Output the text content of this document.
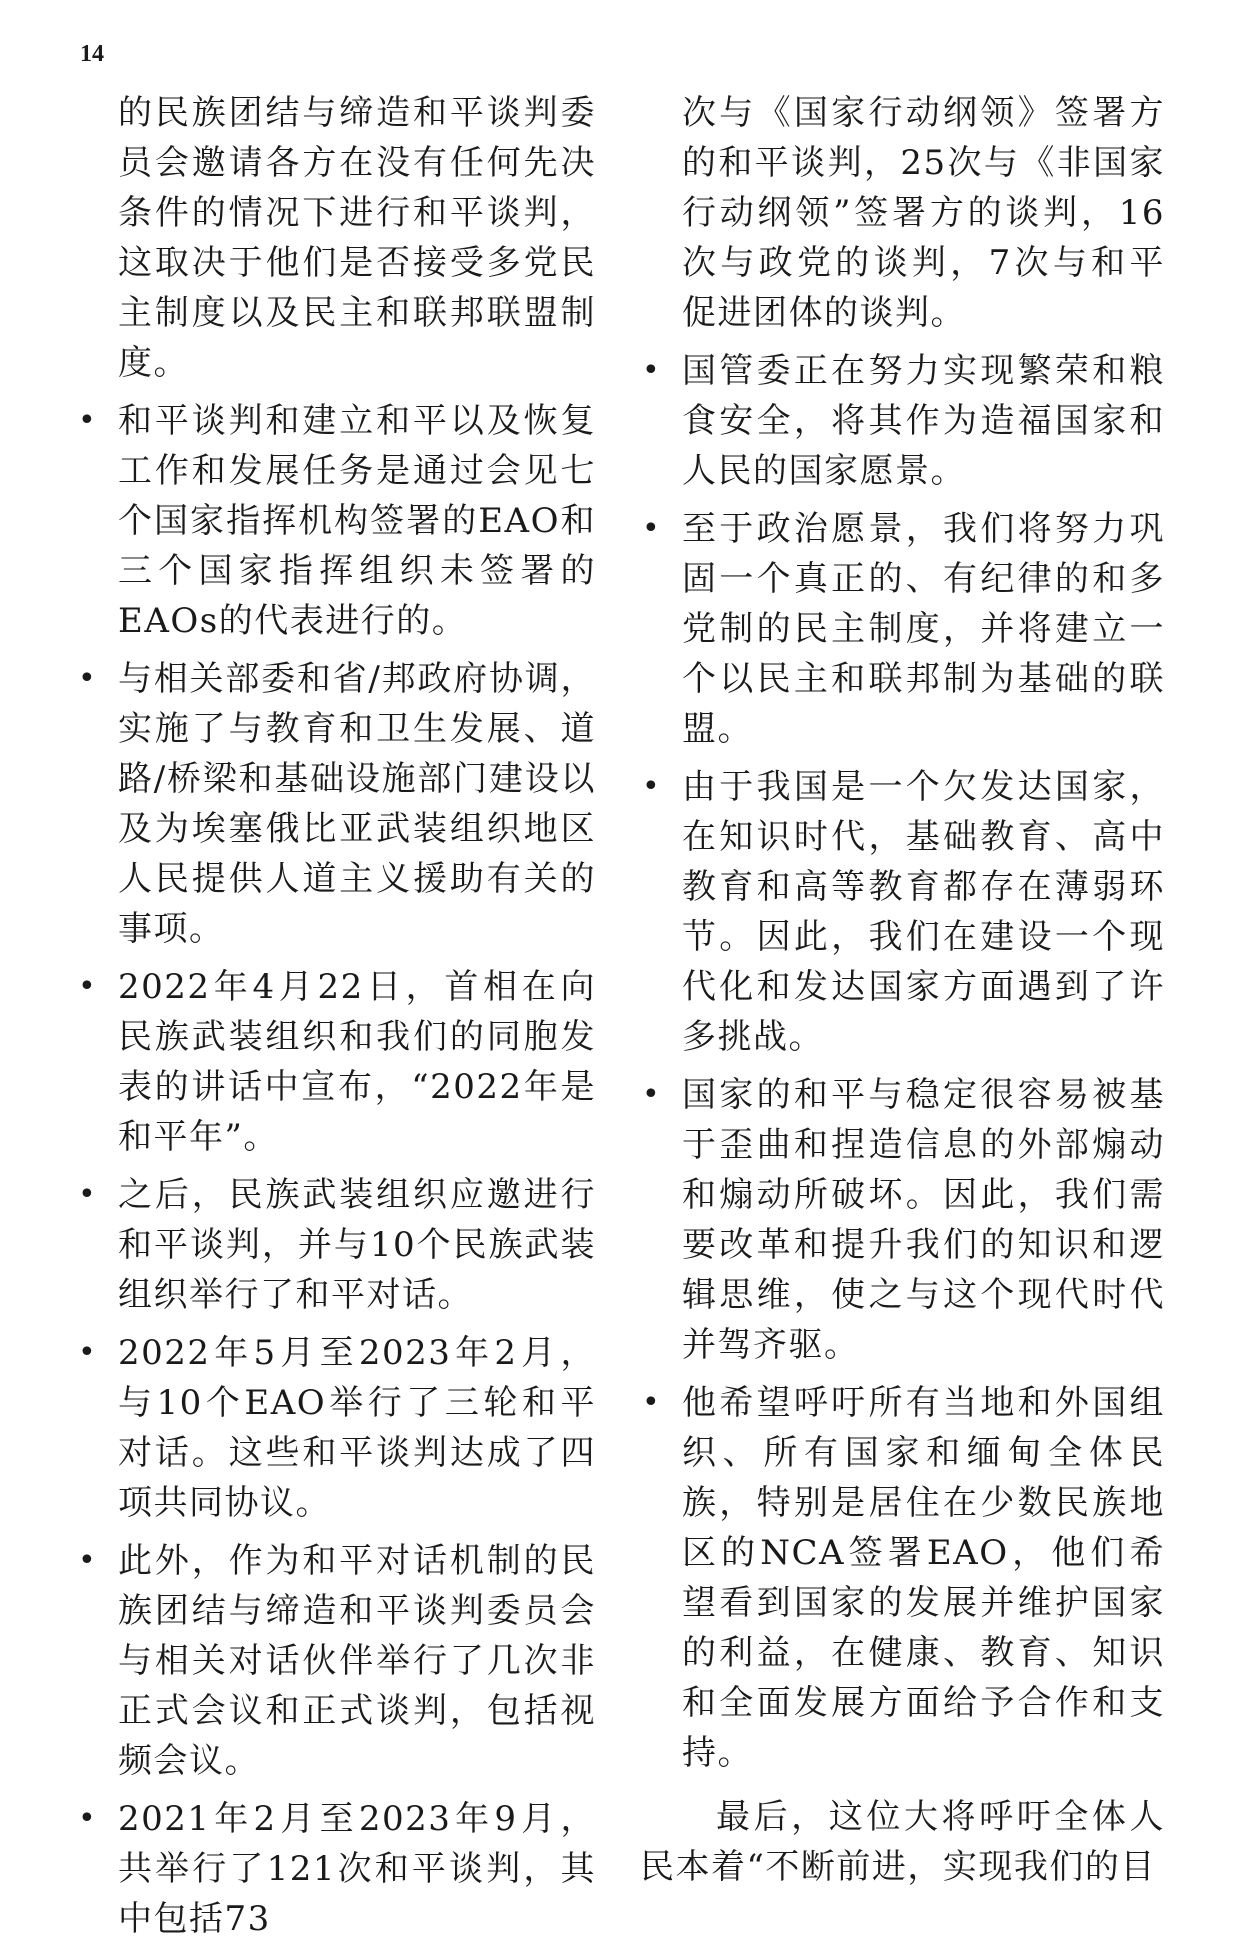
14

的民族团结与缔造和平谈判委员会邀请各方在没有任何先决条件的情况下进行和平谈判，这取决于他们是否接受多党民主制度以及民主和联邦联盟制度。

• 和平谈判和建立和平以及恢复工作和发展任务是通过会见七个国家指挥机构签署的EAO和三个国家指挥组织未签署的EAOs的代表进行的。
• 与相关部委和省/邦政府协调，实施了与教育和卫生发展、道路/桥梁和基础设施部门建设以及为埃塞俄比亚武装组织地区人民提供人道主义援助有关的事项。
• 2022年4月22日，首相在向民族武装组织和我们的同胞发表的讲话中宣布，“2022年是和平年”。
• 之后，民族武装组织应邀进行和平谈判，并与10个民族武装组织举行了和平对话。
• 2022年5月至2023年2月，与10个EAO举行了三轮和平对话。这些和平谈判达成了四项共同协议。
• 此外，作为和平对话机制的民族团结与缔造和平谈判委员会与相关对话伙伴举行了几次非正式会议和正式谈判，包括视频会议。
• 2021年2月至2023年9月，共举行了121次和平谈判，其中包括73

次与《国家行动纲领》签署方的和平谈判，25次与《非国家行动纲领”签署方的谈判，16次与政党的谈判，7次与和平促进团体的谈判。

• 国管委正在努力实现繁荣和粮食安全，将其作为造福国家和人民的国家愿景。
• 至于政治愿景，我们将努力巩固一个真正的、有纪律的和多党制的民主制度，并将建立一个以民主和联邦制为基础的联盟。
• 由于我国是一个欠发达国家，在知识时代，基础教育、高中教育和高等教育都存在薄弱环节。因此，我们在建设一个现代化和发达国家方面遇到了许多挑战。
• 国家的和平与稳定很容易被基于歪曲和捏造信息的外部煽动和煽动所破坏。因此，我们需要改革和提升我们的知识和逻辑思维，使之与这个现代时代并驾齐驱。
• 他希望呼吁所有当地和外国组织、所有国家和缅甸全体民族，特别是居住在少数民族地区的NCA签署EAO，他们希望看到国家的发展并维护国家的利益，在健康、教育、知识和全面发展方面给予合作和支持。

最后，这位大将呼吁全体人民本着“不断前进，实现我们的目
